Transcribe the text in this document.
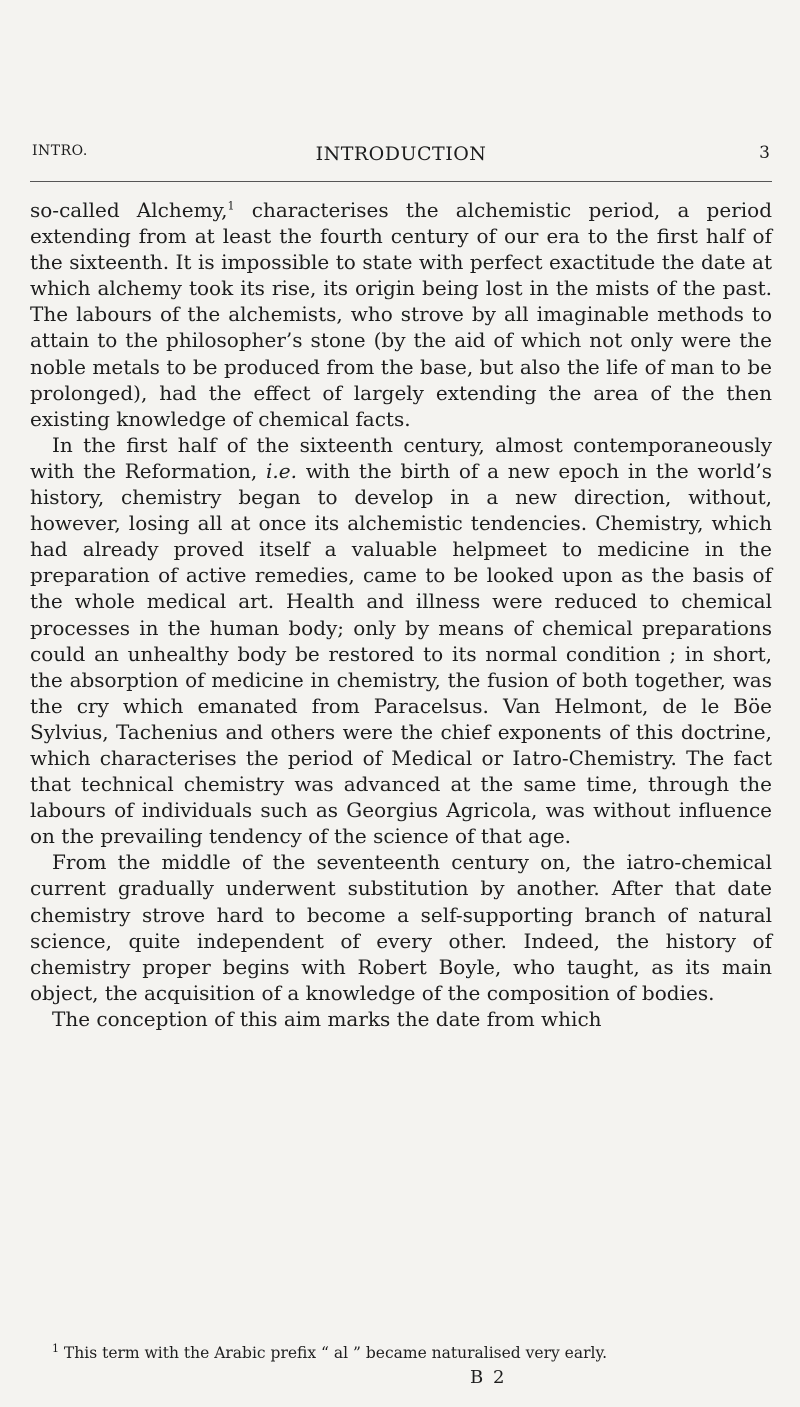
INTRO.	INTRODUCTION	3

so-called Alchemy,$^1$ characterises the alchemistic period, a period extending from at least the fourth century of our era to the first half of the sixteenth. It is impossible to state with perfect exactitude the date at which alchemy took its rise, its origin being lost in the mists of the past. The labours of the alchemists, who strove by all imaginable methods to attain to the philosopher’s stone (by the aid of which not only were the noble metals to be produced from the base, but also the life of man to be prolonged), had the effect of largely extending the area of the then existing knowledge of chemical facts.

In the first half of the sixteenth century, almost contemporaneously with the Reformation, i.e. with the birth of a new epoch in the world’s history, chemistry began to develop in a new direction, without, however, losing all at once its alchemistic tendencies. Chemistry, which had already proved itself a valuable helpmeet to medicine in the preparation of active remedies, came to be looked upon as the basis of the whole medical art. Health and illness were reduced to chemical processes in the human body; only by means of chemical preparations could an unhealthy body be restored to its normal condition ; in short, the absorption of medicine in chemistry, the fusion of both together, was the cry which emanated from Paracelsus. Van Helmont, de le Böe Sylvius, Tachenius and others were the chief exponents of this doctrine, which characterises the period of Medical or Iatro-Chemistry. The fact that technical chemistry was advanced at the same time, through the labours of individuals such as Georgius Agricola, was without influence on the prevailing tendency of the science of that age.

From the middle of the seventeenth century on, the iatro-chemical current gradually underwent substitution by another. After that date chemistry strove hard to become a self-supporting branch of natural science, quite independent of every other. Indeed, the history of chemistry proper begins with Robert Boyle, who taught, as its main object, the acquisition of a knowledge of the composition of bodies.

The conception of this aim marks the date from which

$^1$ This term with the Arabic prefix “ al ” became naturalised very early.

B 2
